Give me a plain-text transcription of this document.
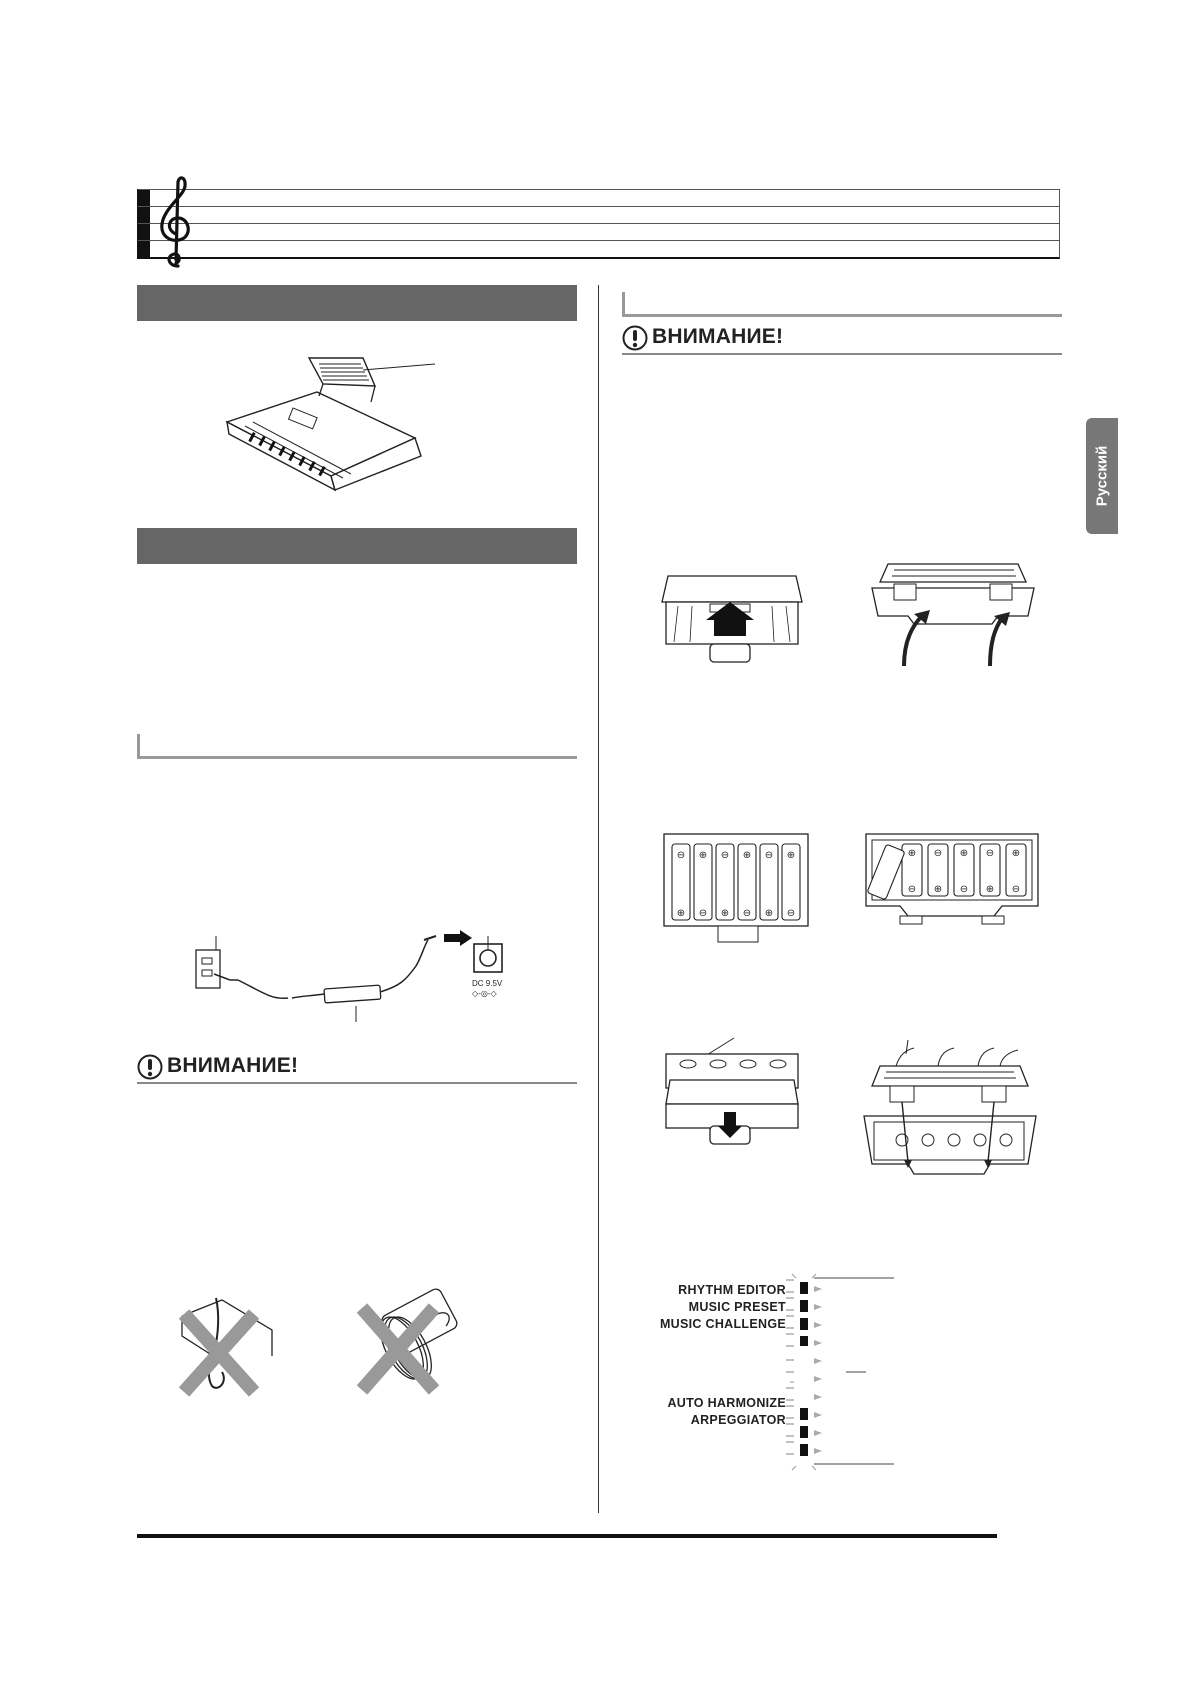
DC 9.5V
◇-◎-◇
ВНИМАНИЕ!
ВНИМАНИЕ!
⊖ ⊕ ⊖ ⊕ ⊖ ⊕
⊕ ⊖ ⊕ ⊖ ⊕ ⊖
⊕ ⊖ ⊕ ⊖ ⊕
⊖ ⊕ ⊖ ⊕ ⊖
RHYTHM EDITOR
MUSIC PRESET
MUSIC CHALLENGE
AUTO HARMONIZE
ARPEGGIATOR
Русский
